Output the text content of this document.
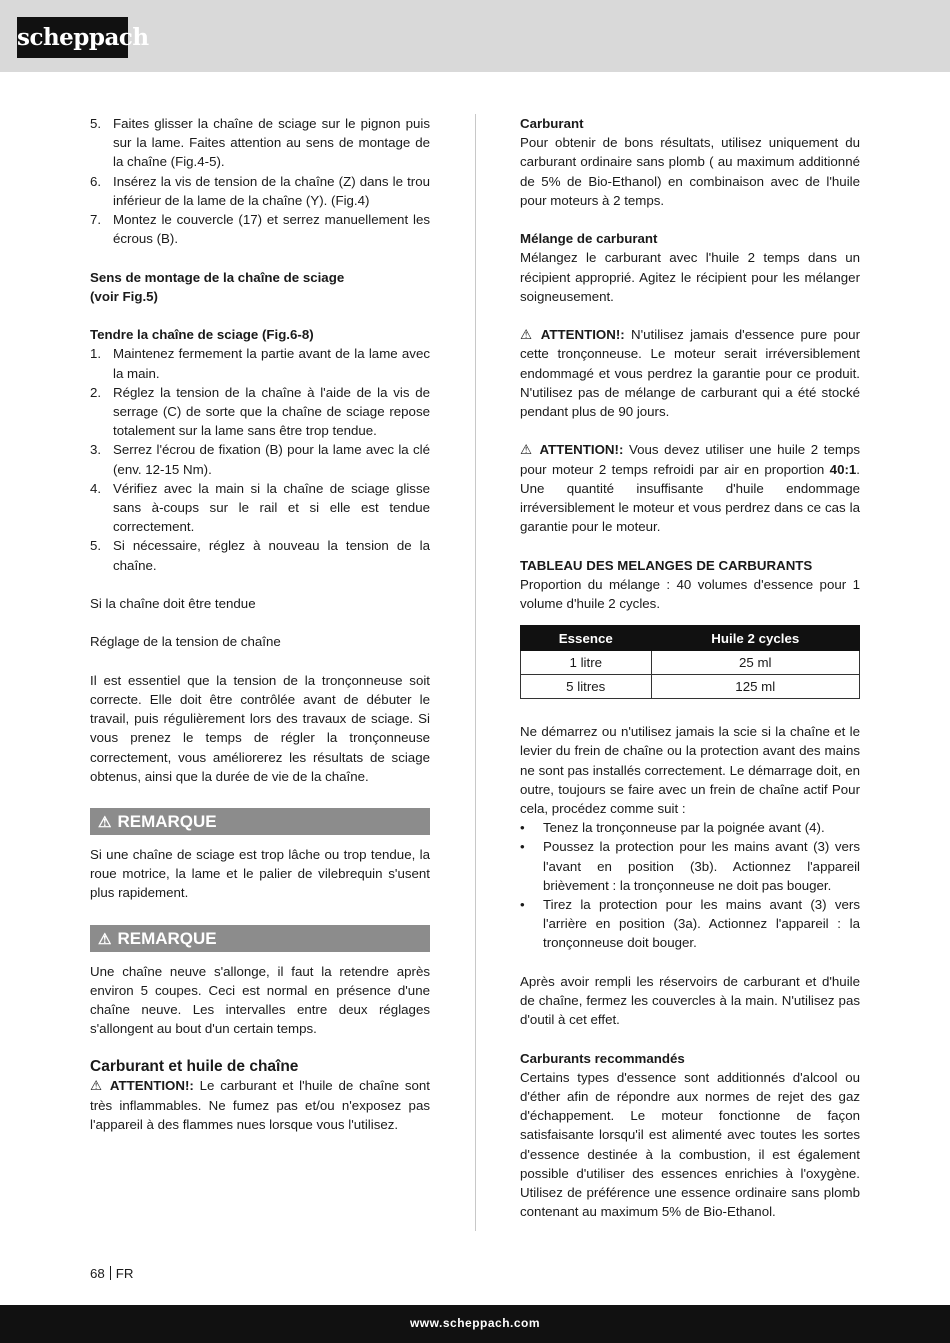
scheppach
5. Faites glisser la chaîne de sciage sur le pignon puis sur la lame. Faites attention au sens de montage de la chaîne (Fig.4-5).
6. Insérez la vis de tension de la chaîne (Z) dans le trou inférieur de la lame de la chaîne (Y). (Fig.4)
7. Montez le couvercle (17) et serrez manuellement les écrous (B).

Sens de montage de la chaîne de sciage

(voir Fig.5)

Tendre la chaîne de sciage (Fig.6-8)

1. Maintenez fermement la partie avant de la lame avec la main.
2. Réglez la tension de la chaîne à l'aide de la vis de serrage (C) de sorte que la chaîne de sciage repose totalement sur la lame sans être trop tendue.
3. Serrez l'écrou de fixation (B) pour la lame avec la clé (env. 12-15 Nm).
4. Vérifiez avec la main si la chaîne de sciage glisse sans à-coups sur le rail et si elle est tendue correctement.
5. Si nécessaire, réglez à nouveau la tension de la chaîne.

Si la chaîne doit être tendue

Réglage de la tension de chaîne

Il est essentiel que la tension de la tronçonneuse soit correcte. Elle doit être contrôlée avant de débuter le travail, puis régulièrement lors des travaux de sciage. Si vous prenez le temps de régler la tronçonneuse correctement, vous améliorerez les résultats de sciage obtenus, ainsi que la durée de vie de la chaîne.

⚠ REMARQUE

Si une chaîne de sciage est trop lâche ou trop tendue, la roue motrice, la lame et le palier de vilebrequin s'usent plus rapidement.

⚠ REMARQUE

Une chaîne neuve s'allonge, il faut la retendre après environ 5 coupes. Ceci est normal en présence d'une chaîne neuve. Les intervalles entre deux réglages s'allongent au bout d'un certain temps.

Carburant et huile de chaîne

⚠ ATTENTION!: Le carburant et l'huile de chaîne sont très inflammables. Ne fumez pas et/ou n'exposez pas l'appareil à des flammes nues lorsque vous l'utilisez.

Carburant

Pour obtenir de bons résultats, utilisez uniquement du carburant ordinaire sans plomb ( au maximum additionné de 5% de Bio-Ethanol) en combinaison avec de l'huile pour moteurs à 2 temps.

Mélange de carburant

Mélangez le carburant avec l'huile 2 temps dans un récipient approprié. Agitez le récipient pour les mélanger soigneusement.

⚠ ATTENTION!: N'utilisez jamais d'essence pure pour cette tronçonneuse. Le moteur serait irréversiblement endommagé et vous perdrez la garantie pour ce produit. N'utilisez pas de mélange de carburant qui a été stocké pendant plus de 90 jours.

⚠ ATTENTION!: Vous devez utiliser une huile 2 temps pour moteur 2 temps refroidi par air en proportion 40:1. Une quantité insuffisante d'huile endommage irréversiblement le moteur et vous perdrez dans ce cas la garantie pour le moteur.

TABLEAU DES MELANGES DE CARBURANTS

Proportion du mélange : 40 volumes d'essence pour 1 volume d'huile 2 cycles.

Essence	Huile 2 cycles
1 litre	25 ml
5 litres	125 ml

Ne démarrez ou n'utilisez jamais la scie si la chaîne et le levier du frein de chaîne ou la protection avant des mains ne sont pas installés correctement. Le démarrage doit, en outre, toujours se faire avec un frein de chaîne actif Pour cela, procédez comme suit :

• Tenez la tronçonneuse par la poignée avant (4).
• Poussez la protection pour les mains avant (3) vers l'avant en position (3b). Actionnez l'appareil brièvement : la tronçonneuse ne doit pas bouger.
• Tirez la protection pour les mains avant (3) vers l'arrière en position (3a). Actionnez l'appareil : la tronçonneuse doit bouger.

Après avoir rempli les réservoirs de carburant et d'huile de chaîne, fermez les couvercles à la main. N'utilisez pas d'outil à cet effet.

Carburants recommandés

Certains types d'essence sont additionnés d'alcool ou d'éther afin de répondre aux normes de rejet des gaz d'échappement. Le moteur fonctionne de façon satisfaisante lorsqu'il est alimenté avec toutes les sortes d'essence destinée à la combustion, il est également possible d'utiliser des essences enrichies à l'oxygène. Utilisez de préférence une essence ordinaire sans plomb contenant au maximum 5% de Bio-Ethanol.

68 FR
www.scheppach.com
